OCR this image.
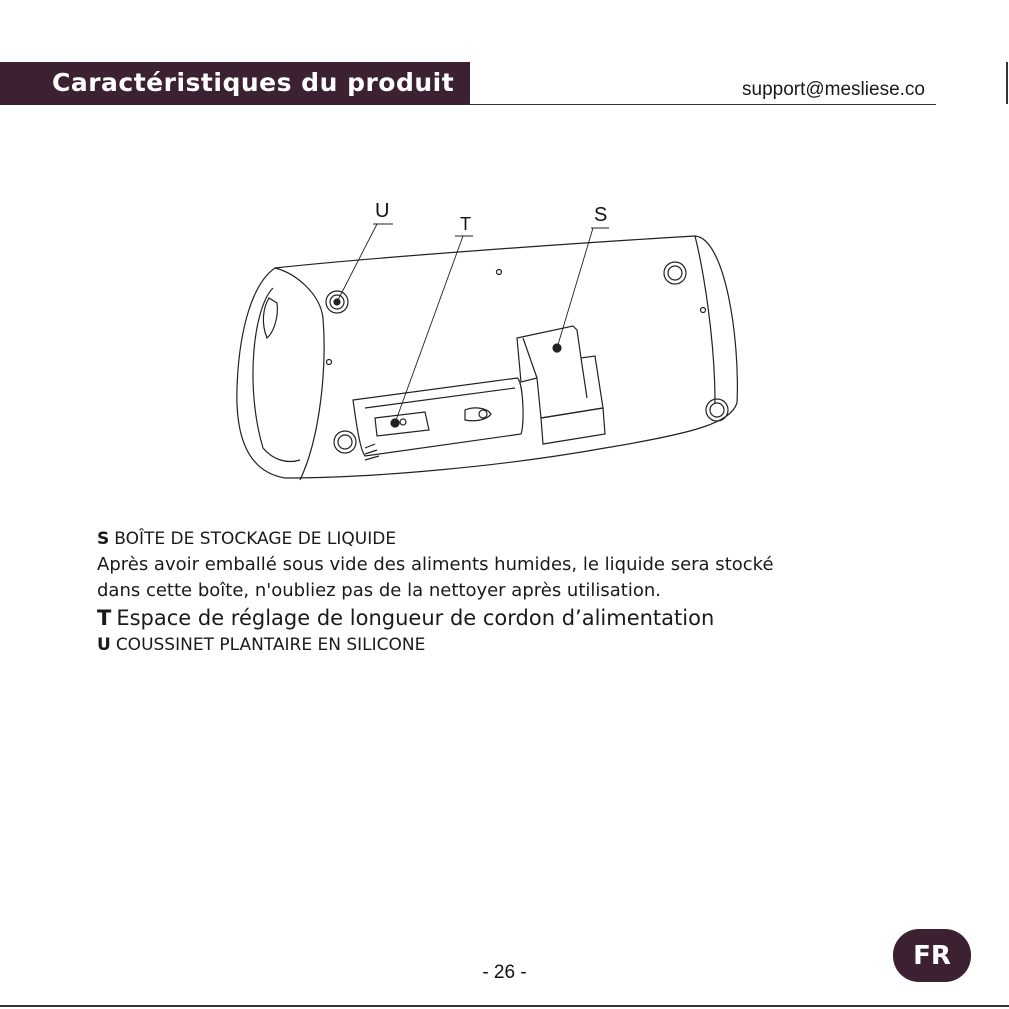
Caractéristiques du produit	support@mesliese.co
U
T	S
S BOÎTE DE STOCKAGE DE LIQUIDE
Après avoir emballé sous vide des aliments humides, le liquide sera stocké
dans cette boîte, n'oubliez pas de la nettoyer après utilisation.
T Espace de réglage de longueur de cordon d’alimentation
U COUSSINET PLANTAIRE EN SILICONE
- 26 -
FR
